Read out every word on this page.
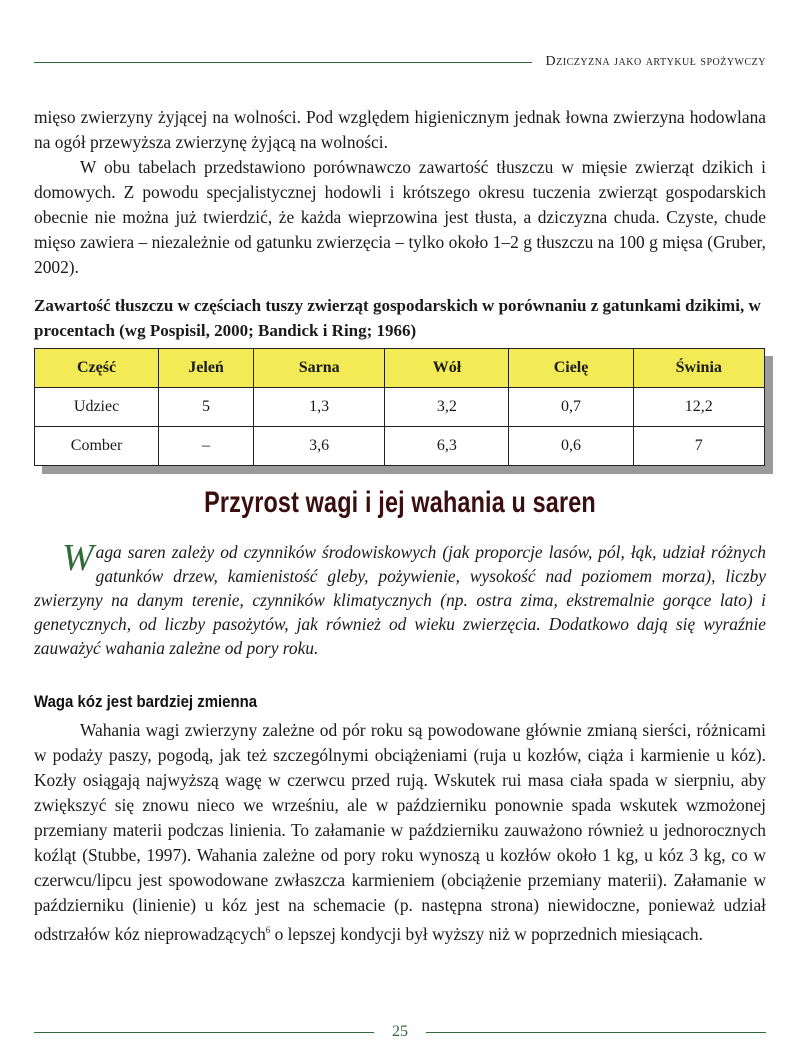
Dziczyzna jako artykuł spożywczy

mięso zwierzyny żyjącej na wolności. Pod względem higienicznym jednak łowna zwierzyna hodowlana na ogół przewyższa zwierzynę żyjącą na wolności.

W obu tabelach przedstawiono porównawczo zawartość tłuszczu w mięsie zwierząt dzikich i domowych. Z powodu specjalistycznej hodowli i krótszego okresu tuczenia zwierząt gospodarskich obecnie nie można już twierdzić, że każda wieprzowina jest tłusta, a dziczyzna chuda. Czyste, chude mięso zawiera – niezależnie od gatunku zwierzęcia – tylko około 1–2 g tłuszczu na 100 g mięsa (Gruber, 2002).

Zawartość tłuszczu w częściach tuszy zwierząt gospodarskich w porównaniu z gatunkami dzikimi, w procentach (wg Pospisil, 2000; Bandick i Ring; 1966)

Część	Jeleń	Sarna	Wół	Cielę	Świnia
Udziec	5	1,3	3,2	0,7	12,2
Comber	–	3,6	6,3	0,6	7
Przyrost wagi i jej wahania u saren

Waga saren zależy od czynników środowiskowych (jak proporcje lasów, pól, łąk, udział różnych gatunków drzew, kamienistość gleby, pożywienie, wysokość nad poziomem morza), liczby zwierzyny na danym terenie, czynników klimatycznych (np. ostra zima, ekstremalnie gorące lato) i genetycznych, od liczby pasożytów, jak również od wieku zwierzęcia. Dodatkowo dają się wyraźnie zauważyć wahania zależne od pory roku.

Waga kóz jest bardziej zmienna

Wahania wagi zwierzyny zależne od pór roku są powodowane głównie zmianą sierści, różnicami w podaży paszy, pogodą, jak też szczególnymi obciążeniami (ruja u kozłów, ciąża i karmienie u kóz). Kozły osiągają najwyższą wagę w czerwcu przed rują. Wskutek rui masa ciała spada w sierpniu, aby zwiększyć się znowu nieco we wrześniu, ale w październiku ponownie spada wskutek wzmożonej przemiany materii podczas linienia. To załamanie w październiku zauważono również u jednorocznych koźląt (Stubbe, 1997). Wahania zależne od pory roku wynoszą u kozłów około 1 kg, u kóz 3 kg, co w czerwcu/lipcu jest spowodowane zwłaszcza karmieniem (obciążenie przemiany materii). Załamanie w październiku (linienie) u kóz jest na schemacie (p. następna strona) niewidoczne, ponieważ udział odstrzałów kóz nieprowadzących$^6$ o lepszej kondycji był wyższy niż w poprzednich miesiącach.

25
